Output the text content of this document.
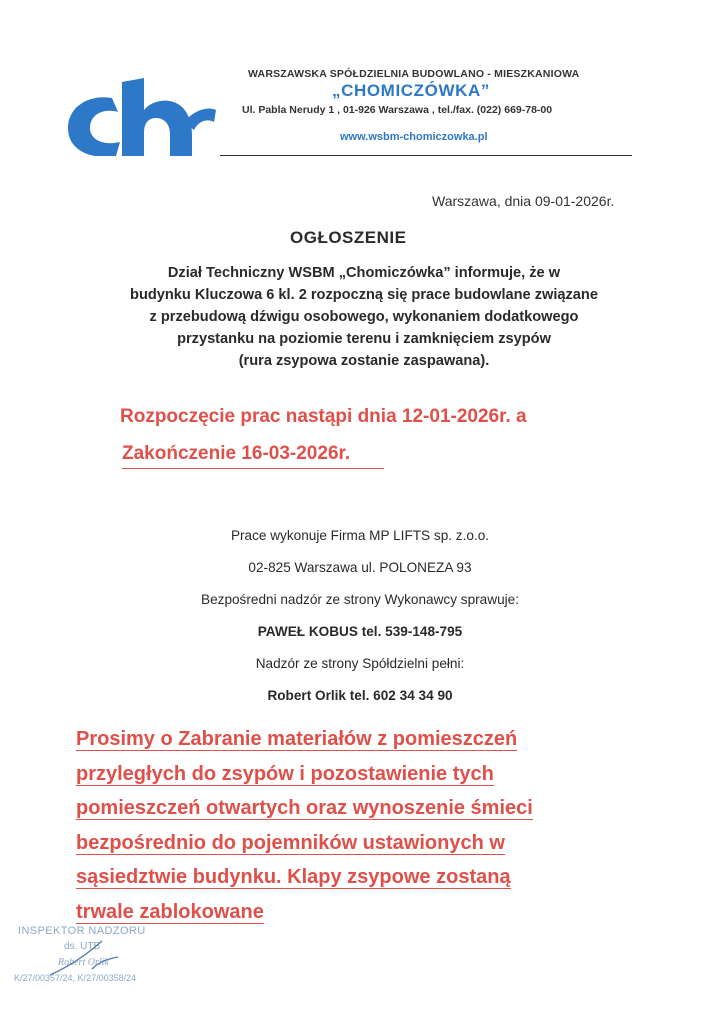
WARSZAWSKA SPÓŁDZIELNIA BUDOWLANO - MIESZKANIOWA
„CHOMICZÓWKA”
Ul. Pabla Nerudy 1 , 01-926 Warszawa , tel./fax. (022) 669-78-00
www.wsbm-chomiczowka.pl
Warszawa, dnia 09-01-2026r.
OGŁOSZENIE
Dział Techniczny WSBM „Chomiczówka” informuje, że w
budynku Kluczowa 6 kl. 2 rozpoczną się prace budowlane związane
z przebudową dźwigu osobowego, wykonaniem dodatkowego
przystanku na poziomie terenu i zamknięciem zsypów
(rura zsypowa zostanie zaspawana).
Rozpoczęcie prac nastąpi dnia 12-01-2026r. a
Zakończenie 16-03-2026r.
Prace wykonuje Firma MP LIFTS sp. z.o.o.
02-825 Warszawa ul. POLONEZA 93
Bezpośredni nadzór ze strony Wykonawcy sprawuje:
PAWEŁ KOBUS tel. 539-148-795
Nadzór ze strony Spółdzielni pełni:
Robert Orlik tel. 602 34 34 90
Prosimy o Zabranie materiałów z pomieszczeń
przyległych do zsypów i pozostawienie tych
pomieszczeń otwartych oraz wynoszenie śmieci
bezpośrednio do pojemników ustawionych w
sąsiedztwie budynku. Klapy zsypowe zostaną
trwale zablokowane
INSPEKTOR NADZORU
ds. UTB
Robert Orlik
K/27/00357/24, K/27/00358/24
